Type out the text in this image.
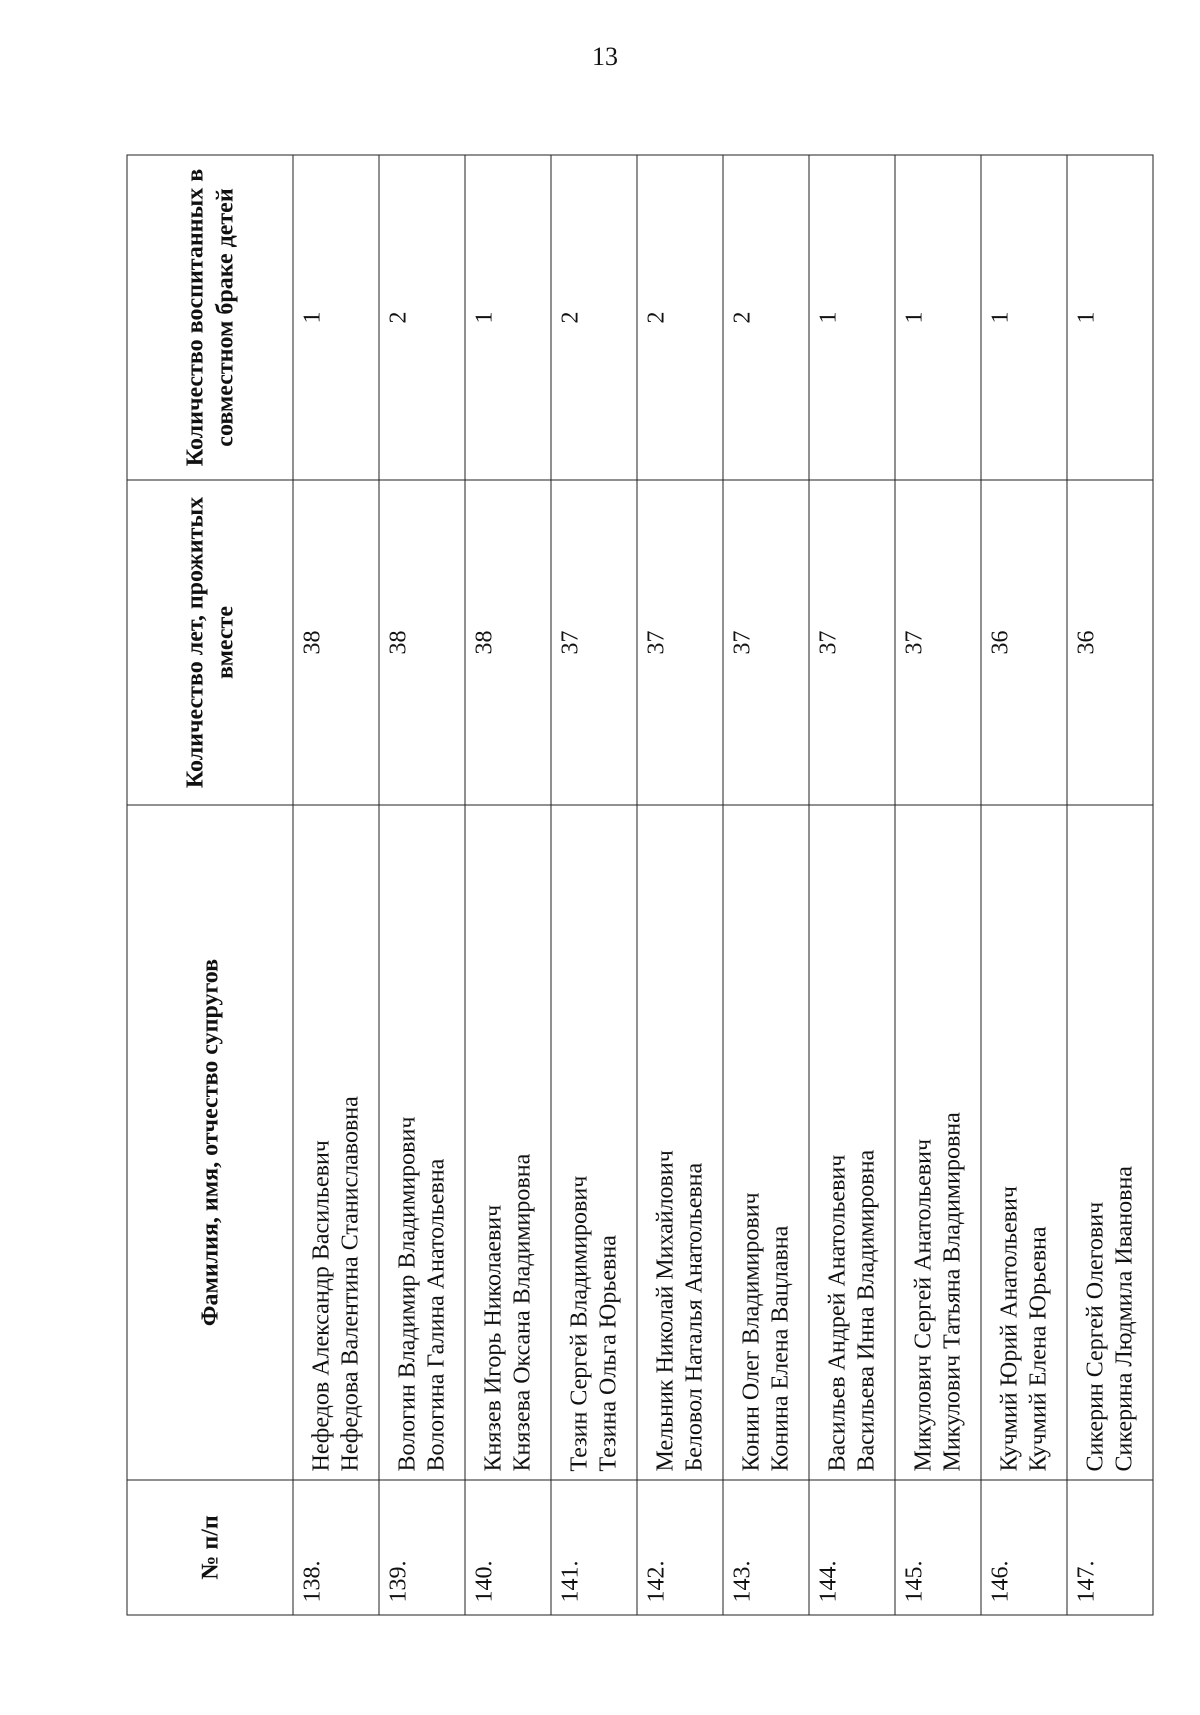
13
№ п/п	Фамилия, имя, отчество супругов	Количество лет, прожитых вместе	Количество воспитанных в совместном браке детей

138.	Нефедов Александр Васильевич Нефедова Валентина Станиславовна	38	1
139.	Вологин Владимир Владимирович Вологина Галина Анатольевна	38	2
140.	Князев Игорь Николаевич Князева Оксана Владимировна	38	1
141.	Тезин Сергей Владимирович Тезина Ольга Юрьевна	37	2
142.	Мельник Николай Михайлович Беловол Наталья Анатольевна	37	2
143.	Конин Олег Владимирович Конина Елена Вацлавна	37	2
144.	Васильев Андрей Анатольевич Васильева Инна Владимировна	37	1
145.	Микулович Сергей Анатольевич Микулович Татьяна Владимировна	37	1
146.	Кучмий Юрий Анатольевич Кучмий Елена Юрьевна	36	1
147.	Сикерин Сергей Олегович Сикерина Людмила Ивановна	36	1
